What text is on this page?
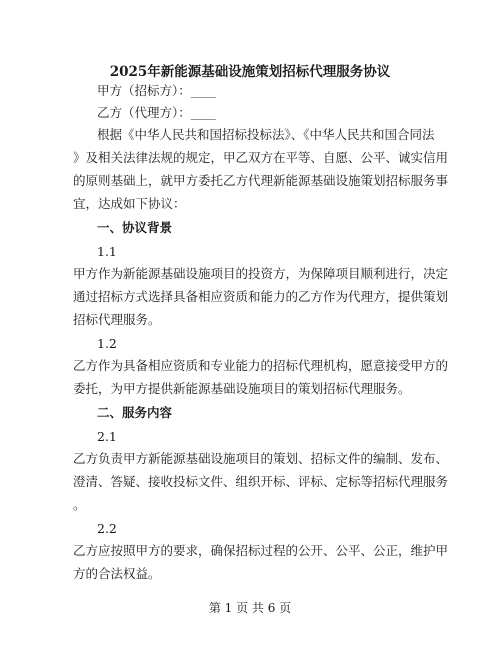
2025年新能源基础设施策划招标代理服务协议
甲方（招标方）：____
乙方（代理方）：____
根据《中华人民共和国招标投标法》、《中华人民共和国合同法
》及相关法律法规的规定，甲乙双方在平等、自愿、公平、诚实信用
的原则基础上，就甲方委托乙方代理新能源基础设施策划招标服务事
宜，达成如下协议：
一、协议背景
1.1
甲方作为新能源基础设施项目的投资方，为保障项目顺利进行，决定
通过招标方式选择具备相应资质和能力的乙方作为代理方，提供策划
招标代理服务。
1.2
乙方作为具备相应资质和专业能力的招标代理机构，愿意接受甲方的
委托，为甲方提供新能源基础设施项目的策划招标代理服务。
二、服务内容
2.1
乙方负责甲方新能源基础设施项目的策划、招标文件的编制、发布、
澄清、答疑、接收投标文件、组织开标、评标、定标等招标代理服务
。
2.2
乙方应按照甲方的要求，确保招标过程的公开、公平、公正，维护甲
第 1 页 共 6 页
方的合法权益。
